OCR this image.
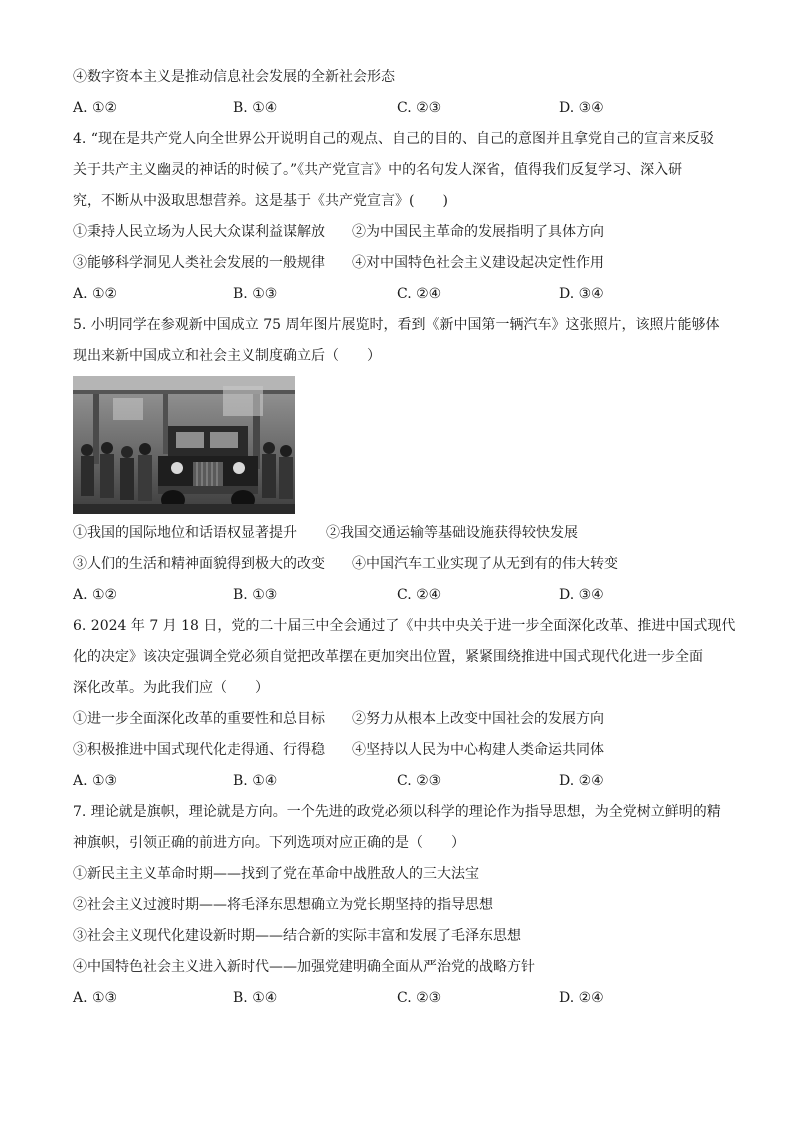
④数字资本主义是推动信息社会发展的全新社会形态
A. ①②	B. ①④	C. ②③	D. ③④
4. “现在是共产党人向全世界公开说明自己的观点、自己的目的、自己的意图并且拿党自己的宣言来反驳
关于共产主义幽灵的神话的时候了。”《共产党宣言》中的名句发人深省，值得我们反复学习、深入研
究，不断从中汲取思想营养。这是基于《共产党宣言》(　　)
①秉持人民立场为人民大众谋利益谋解放 ②为中国民主革命的发展指明了具体方向
③能够科学洞见人类社会发展的一般规律 ④对中国特色社会主义建设起决定性作用
A. ①②	B. ①③	C. ②④	D. ③④
5. 小明同学在参观新中国成立 75 周年图片展览时，看到《新中国第一辆汽车》这张照片，该照片能够体
现出来新中国成立和社会主义制度确立后（　　）
①我国的国际地位和话语权显著提升 ②我国交通运输等基础设施获得较快发展
③人们的生活和精神面貌得到极大的改变 ④中国汽车工业实现了从无到有的伟大转变
A. ①②	B. ①③	C. ②④	D. ③④
6. 2024 年 7 月 18 日，党的二十届三中全会通过了《中共中央关于进一步全面深化改革、推进中国式现代
化的决定》该决定强调全党必须自觉把改革摆在更加突出位置，紧紧围绕推进中国式现代化进一步全面
深化改革。为此我们应（　　）
①进一步全面深化改革的重要性和总目标 ②努力从根本上改变中国社会的发展方向
③积极推进中国式现代化走得通、行得稳 ④坚持以人民为中心构建人类命运共同体
A. ①③	B. ①④	C. ②③	D. ②④
7. 理论就是旗帜，理论就是方向。一个先进的政党必须以科学的理论作为指导思想，为全党树立鲜明的精
神旗帜，引领正确的前进方向。下列选项对应正确的是（　　）
①新民主主义革命时期——找到了党在革命中战胜敌人的三大法宝
②社会主义过渡时期——将毛泽东思想确立为党长期坚持的指导思想
③社会主义现代化建设新时期——结合新的实际丰富和发展了毛泽东思想
④中国特色社会主义进入新时代——加强党建明确全面从严治党的战略方针
A. ①③	B. ①④	C. ②③	D. ②④
